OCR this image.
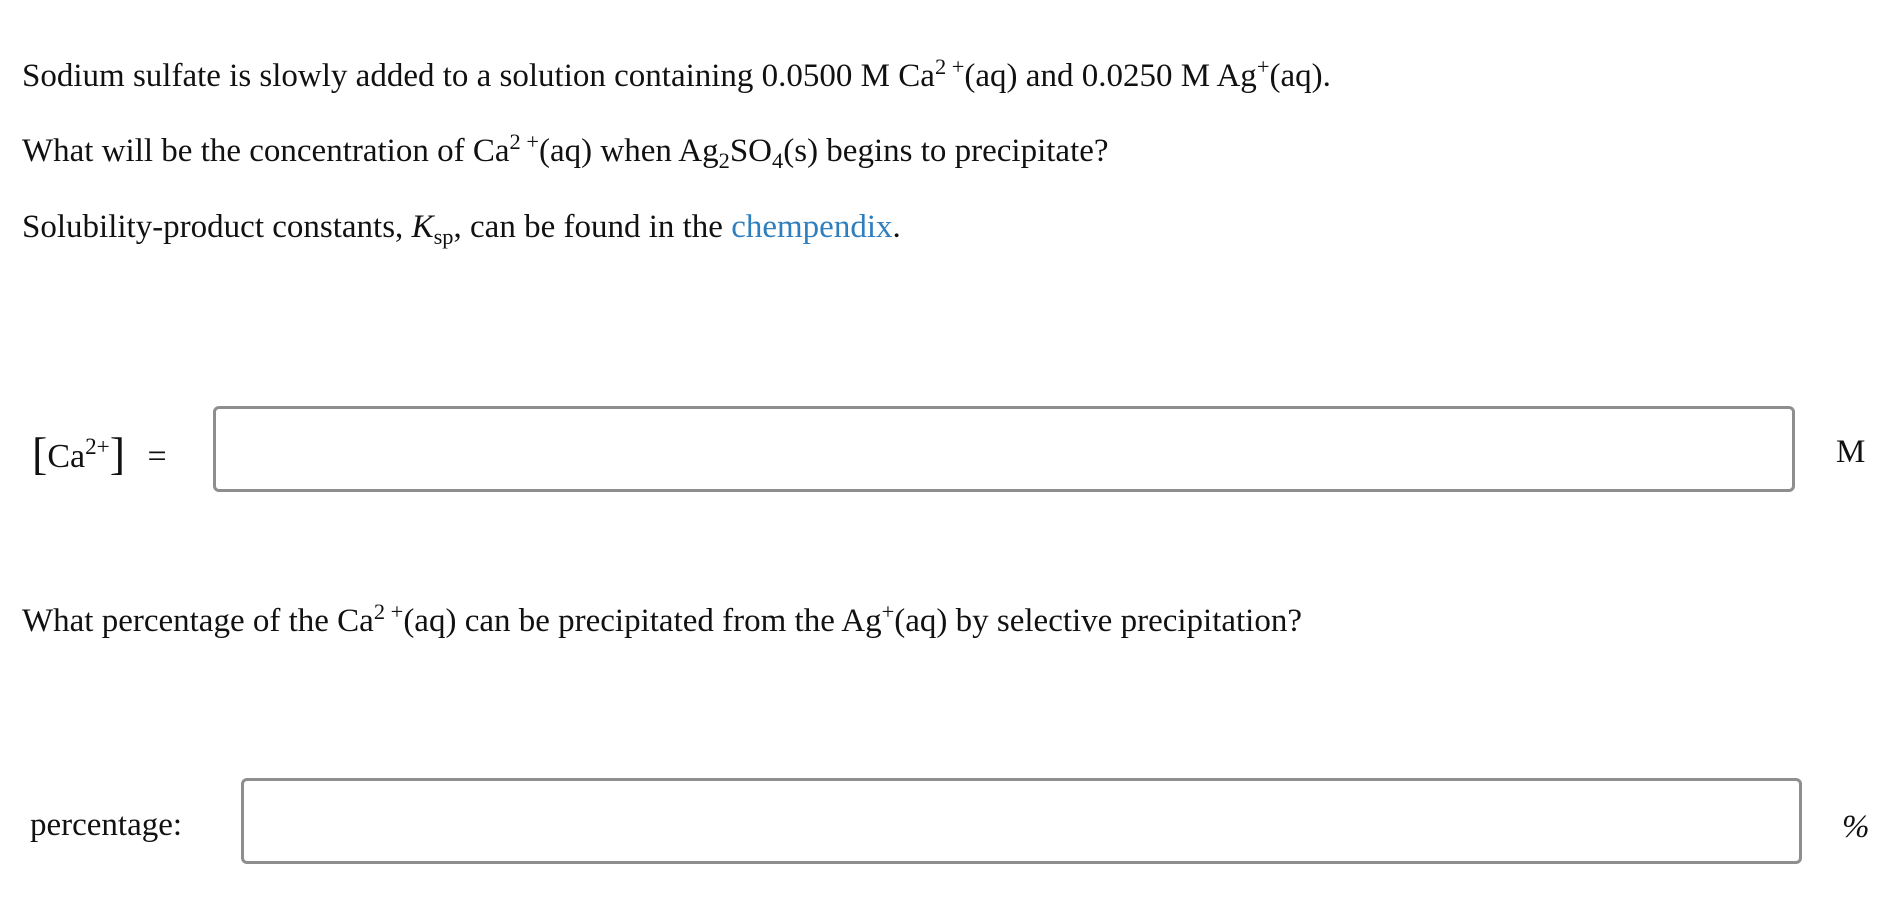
Sodium sulfate is slowly added to a solution containing 0.0500 M $Ca^{2 +}(aq)$ and 0.0250 M Ag+(aq).
What will be the concentration of $Ca^{2 +}(aq)$ when $Ag_2SO_4(s)$ begins to precipitate?
Solubility-product constants, $K_{sp}$, can be found in the chempendix.
$[Ca^{2+}]$ =	M
What percentage of the $Ca^{2 +}(aq)$ can be precipitated from the Ag+(aq) by selective precipitation?
percentage:	%
